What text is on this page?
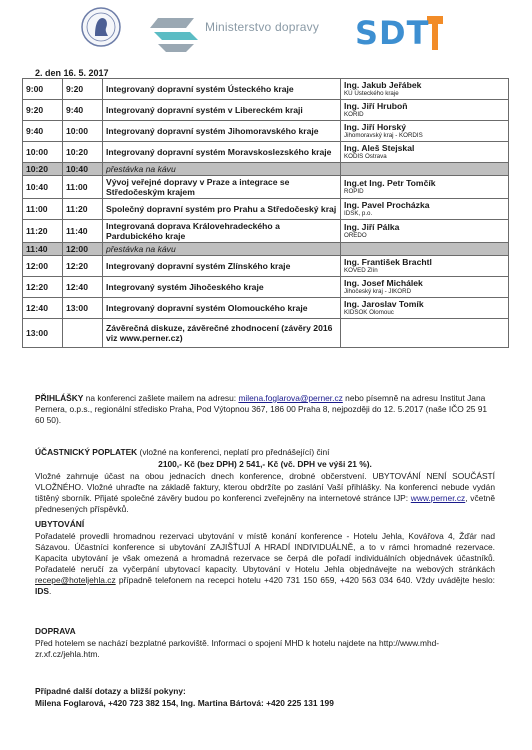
Ministerstvo dopravy SDT
2. den 16. 5. 2017
9:00	9:20	Integrovaný dopravní systém Ústeckého kraje	Ing. Jakub Jeřábek
KÚ Ústeckého kraje

9:20	9:40	Integrovaný dopravní systém v Libereckém kraji	Ing. Jiří Hruboň
KORID

9:40	10:00	Integrovaný dopravní systém Jihomoravského kraje	Ing. Jiří Horský
Jihomoravský kraj - KORDIS

10:00	10:20	Integrovaný dopravní systém Moravskoslezského kraje	Ing. Aleš Stejskal
KODIS Ostrava

10:20	10:40	přestávka na kávu	

10:40	11:00	Vývoj veřejné dopravy v Praze a integrace se Středočeským krajem	Ing.et Ing. Petr Tomčík
ROPID

11:00	11:20	Společný dopravní systém pro Prahu a Středočeský kraj	Ing. Pavel Procházka
IDSK, p.o.

11:20	11:40	Integrovaná doprava Královehradeckého a Pardubického kraje	Ing. Jiří Pálka
OREDO

11:40	12:00	přestávka na kávu	

12:00	12:20	Integrovaný dopravní systém Zlínského kraje	Ing. František Brachtl
KOVED Zlín

12:20	12:40	Integrovaný systém Jihočeského kraje	Ing. Josef Michálek
Jihočeský kraj - JIKORD

12:40	13:00	Integrovaný dopravní systém Olomouckého kraje	Ing. Jaroslav Tomík
KIDSOK Olomouc

13:00		Závěrečná diskuze, závěrečné zhodnocení (závěry 2016 viz www.perner.cz)	
PŘIHLÁŠKY na konferenci zašlete mailem na adresu: milena.foglarova@perner.cz nebo písemně na adresu Institut Jana Pernera, o.p.s., regionální středisko Praha, Pod Výtopnou 367, 186 00 Praha 8, nejpozději do 12. 5.2017 (naše IČO 25 91 60 50).
ÚČASTNICKÝ POPLATEK (vložné na konferenci, neplatí pro přednášející) činí
2100,- Kč (bez DPH) 2 541,- Kč (vč. DPH ve výši 21 %).
Vložné zahrnuje účast na obou jednacích dnech konference, drobné občerstvení. UBYTOVÁNÍ NENÍ SOUČÁSTÍ VLOŽNÉHO. Vložné uhraďte na základě faktury, kterou obdržíte po zaslání Vaší přihlášky. Na konferenci nebude vydán tištěný sborník. Přijaté společné závěry budou po konferenci zveřejněny na internetové stránce IJP: www.perner.cz, včetně přednesených příspěvků.
UBYTOVÁNÍ
Pořadatelé provedli hromadnou rezervaci ubytování v místě konání konference - Hotelu Jehla, Kovářova 4, Žďár nad Sázavou. Účastníci konference si ubytování ZAJIŠŤUJÍ A HRADÍ INDIVIDUÁLNĚ, a to v rámci hromadné rezervace. Kapacita ubytování je však omezená a hromadná rezervace se čerpá dle pořadí individuálních objednávek účastníků. Pořadatelé neručí za vyčerpání ubytovací kapacity. Ubytování v Hotelu Jehla objednávejte na webových stránkách recepe@hoteljehla.cz případně telefonem na recepci hotelu +420 731 150 659, +420 563 034 640. Vždy uvádějte heslo: IDS.
DOPRAVA
Před hotelem se nachází bezplatné parkoviště. Informaci o spojení MHD k hotelu najdete na http://www.mhd-zr.xf.cz/jehla.htm.
Případné další dotazy a bližší pokyny:
Milena Foglarová, +420 723 382 154, Ing. Martina Bártová: +420 225 131 199
